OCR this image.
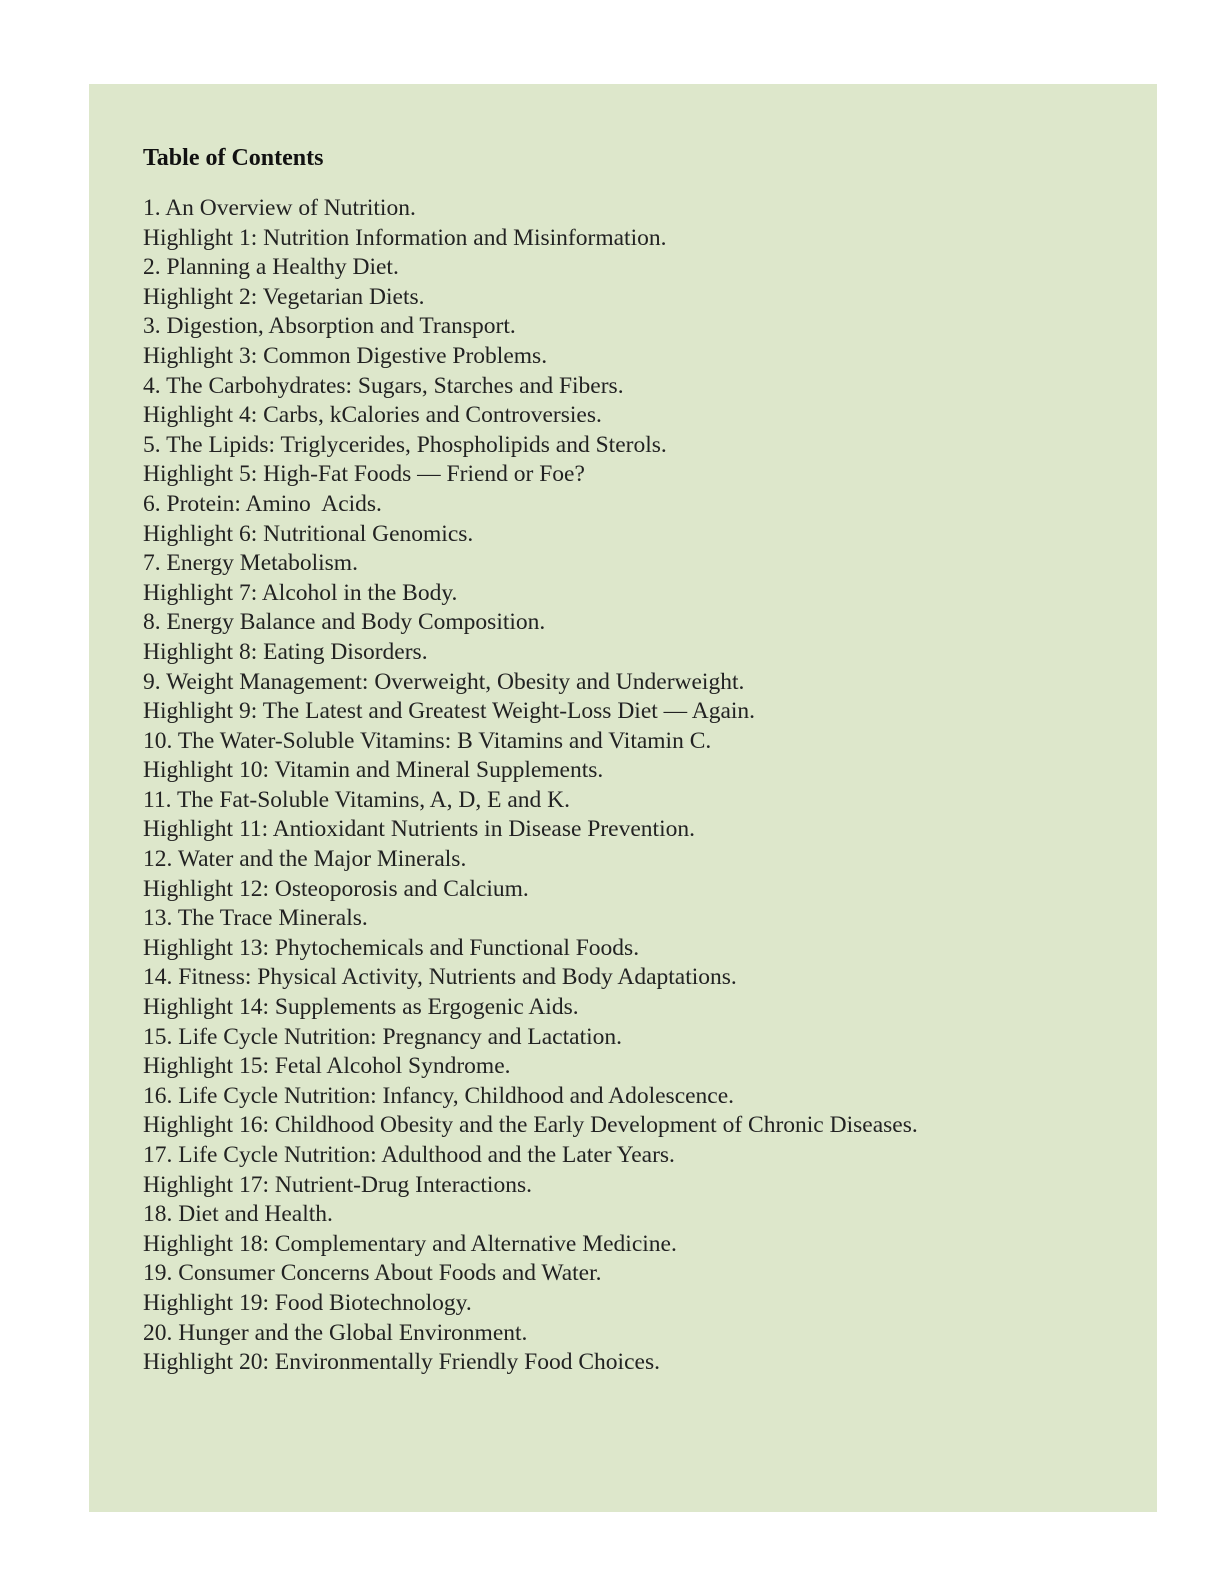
Table of Contents
1. An Overview of Nutrition.
Highlight 1: Nutrition Information and Misinformation.
2. Planning a Healthy Diet.
Highlight 2: Vegetarian Diets.
3. Digestion, Absorption and Transport.
Highlight 3: Common Digestive Problems.
4. The Carbohydrates: Sugars, Starches and Fibers.
Highlight 4: Carbs, kCalories and Controversies.
5. The Lipids: Triglycerides, Phospholipids and Sterols.
Highlight 5: High-Fat Foods — Friend or Foe?
6. Protein: Amino  Acids.
Highlight 6: Nutritional Genomics.
7. Energy Metabolism.
Highlight 7: Alcohol in the Body.
8. Energy Balance and Body Composition.
Highlight 8: Eating Disorders.
9. Weight Management: Overweight, Obesity and Underweight.
Highlight 9: The Latest and Greatest Weight-Loss Diet — Again.
10. The Water-Soluble Vitamins: B Vitamins and Vitamin C.
Highlight 10: Vitamin and Mineral Supplements.
11. The Fat-Soluble Vitamins, A, D, E and K.
Highlight 11: Antioxidant Nutrients in Disease Prevention.
12. Water and the Major Minerals.
Highlight 12: Osteoporosis and Calcium.
13. The Trace Minerals.
Highlight 13: Phytochemicals and Functional Foods.
14. Fitness: Physical Activity, Nutrients and Body Adaptations.
Highlight 14: Supplements as Ergogenic Aids.
15. Life Cycle Nutrition: Pregnancy and Lactation.
Highlight 15: Fetal Alcohol Syndrome.
16. Life Cycle Nutrition: Infancy, Childhood and Adolescence.
Highlight 16: Childhood Obesity and the Early Development of Chronic Diseases.
17. Life Cycle Nutrition: Adulthood and the Later Years.
Highlight 17: Nutrient-Drug Interactions.
18. Diet and Health.
Highlight 18: Complementary and Alternative Medicine.
19. Consumer Concerns About Foods and Water.
Highlight 19: Food Biotechnology.
20. Hunger and the Global Environment.
Highlight 20: Environmentally Friendly Food Choices.
